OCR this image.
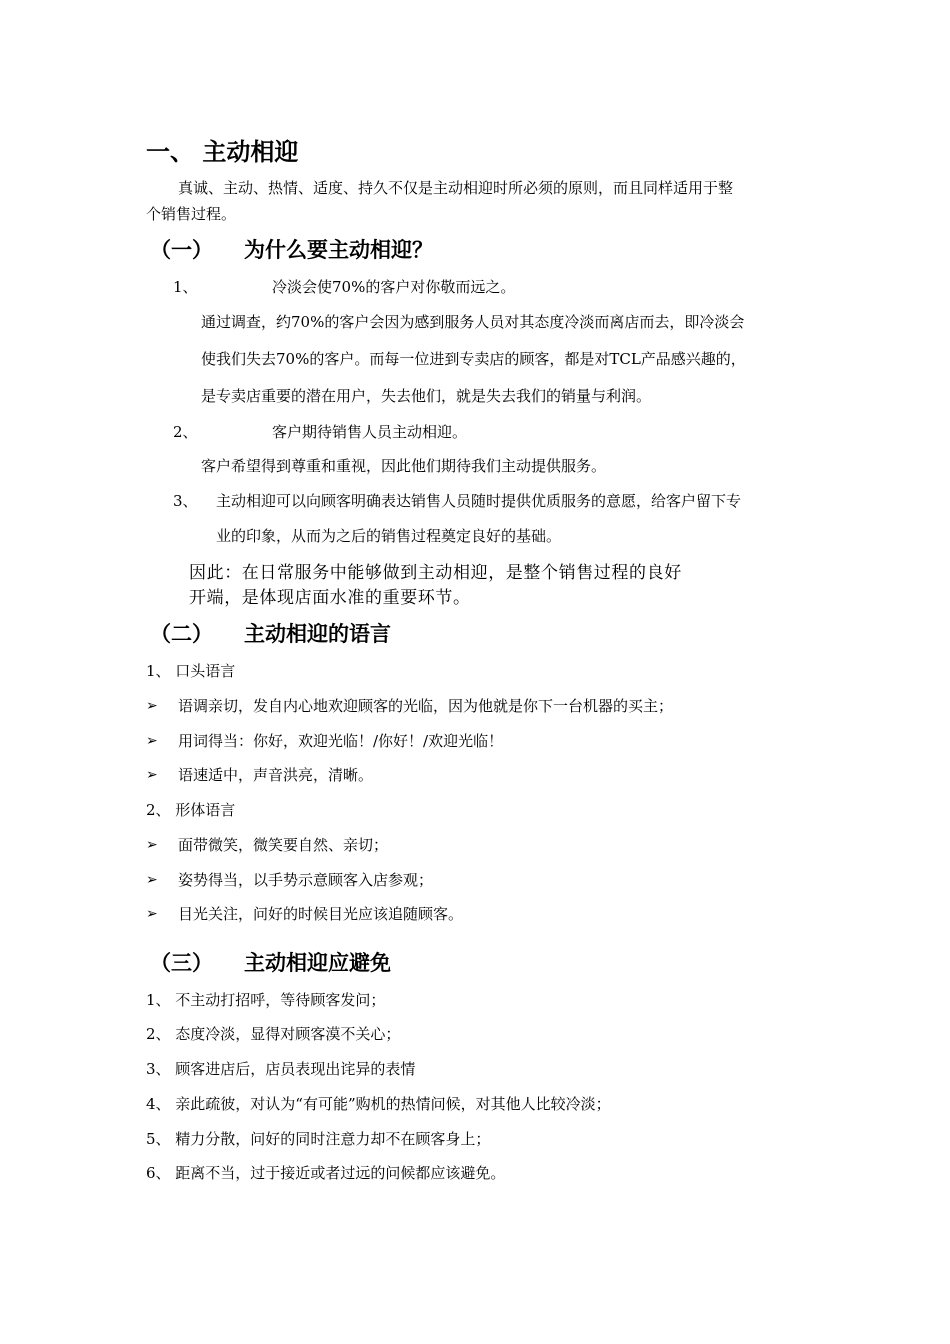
一、 主动相迎
真诚、主动、热情、适度、持久不仅是主动相迎时所必须的原则，而且同样适用于整
个销售过程。
（一） 为什么要主动相迎？
1、	冷淡会使70%的客户对你敬而远之。
通过调查，约70%的客户会因为感到服务人员对其态度冷淡而离店而去，即冷淡会
使我们失去70%的客户。而每一位进到专卖店的顾客，都是对TCL产品感兴趣的，
是专卖店重要的潜在用户，失去他们，就是失去我们的销量与利润。
2、	客户期待销售人员主动相迎。
客户希望得到尊重和重视，因此他们期待我们主动提供服务。
3、 主动相迎可以向顾客明确表达销售人员随时提供优质服务的意愿，给客户留下专
业的印象，从而为之后的销售过程奠定良好的基础。
因此：在日常服务中能够做到主动相迎，是整个销售过程的良好
开端，是体现店面水准的重要环节。
（二） 主动相迎的语言
1、 口头语言
➢ 语调亲切，发自内心地欢迎顾客的光临，因为他就是你下一台机器的买主；
➢ 用词得当：你好，欢迎光临！/你好！/欢迎光临！
➢ 语速适中，声音洪亮，清晰。
2、 形体语言
➢ 面带微笑，微笑要自然、亲切；
➢ 姿势得当，以手势示意顾客入店参观；
➢ 目光关注，问好的时候目光应该追随顾客。
（三） 主动相迎应避免
1、 不主动打招呼，等待顾客发问；
2、 态度冷淡，显得对顾客漠不关心；
3、 顾客进店后，店员表现出诧异的表情
4、 亲此疏彼，对认为“有可能”购机的热情问候，对其他人比较冷淡；
5、 精力分散，问好的同时注意力却不在顾客身上；
6、 距离不当，过于接近或者过远的问候都应该避免。
